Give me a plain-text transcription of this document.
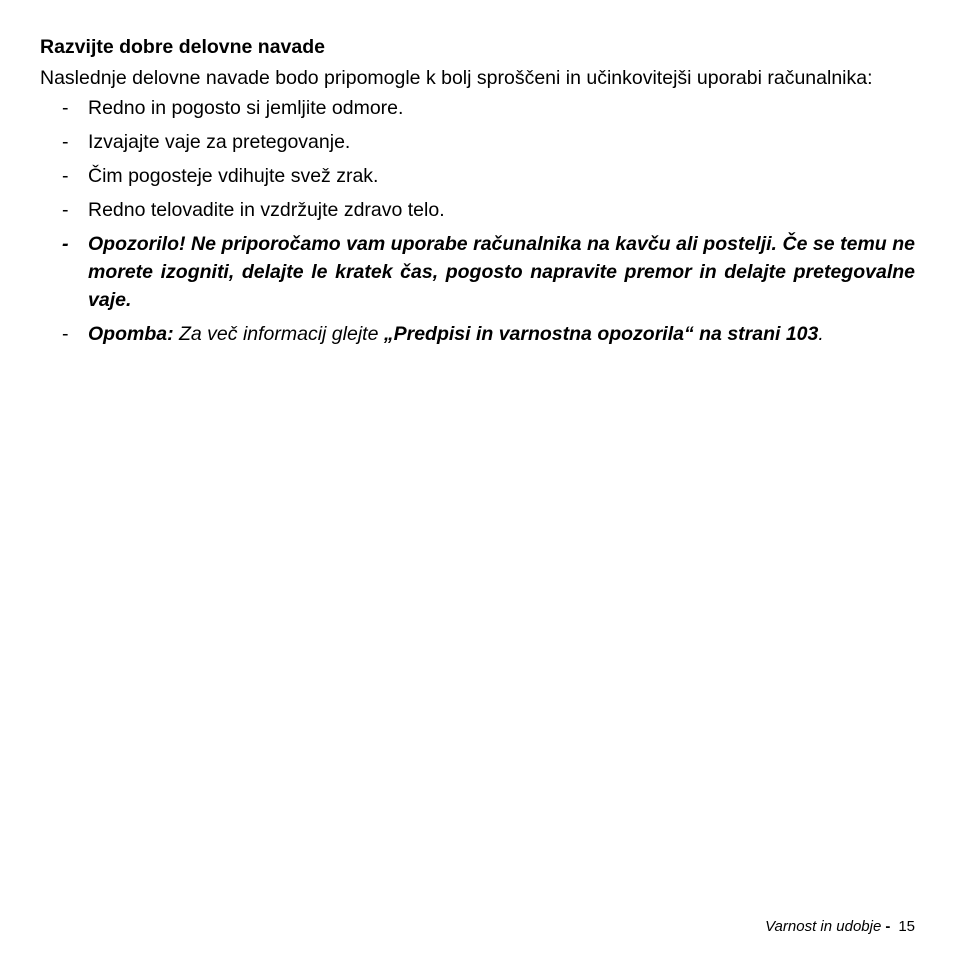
Razvijte dobre delovne navade
Naslednje delovne navade bodo pripomogle k bolj sproščeni in učinkovitejši uporabi računalnika:
-	Redno in pogosto si jemljite odmore.
-	Izvajajte vaje za pretegovanje.
-	Čim pogosteje vdihujte svež zrak.
-	Redno telovadite in vzdržujte zdravo telo.
-	Opozorilo! Ne priporočamo vam uporabe računalnika na kavču ali postelji. Če se temu ne morete izogniti, delajte le kratek čas, pogosto napravite premor in delajte pretegovalne vaje.
-	Opomba: Za več informacij glejte „Predpisi in varnostna opozorila“ na strani 103.
Varnost in udobje - 15
